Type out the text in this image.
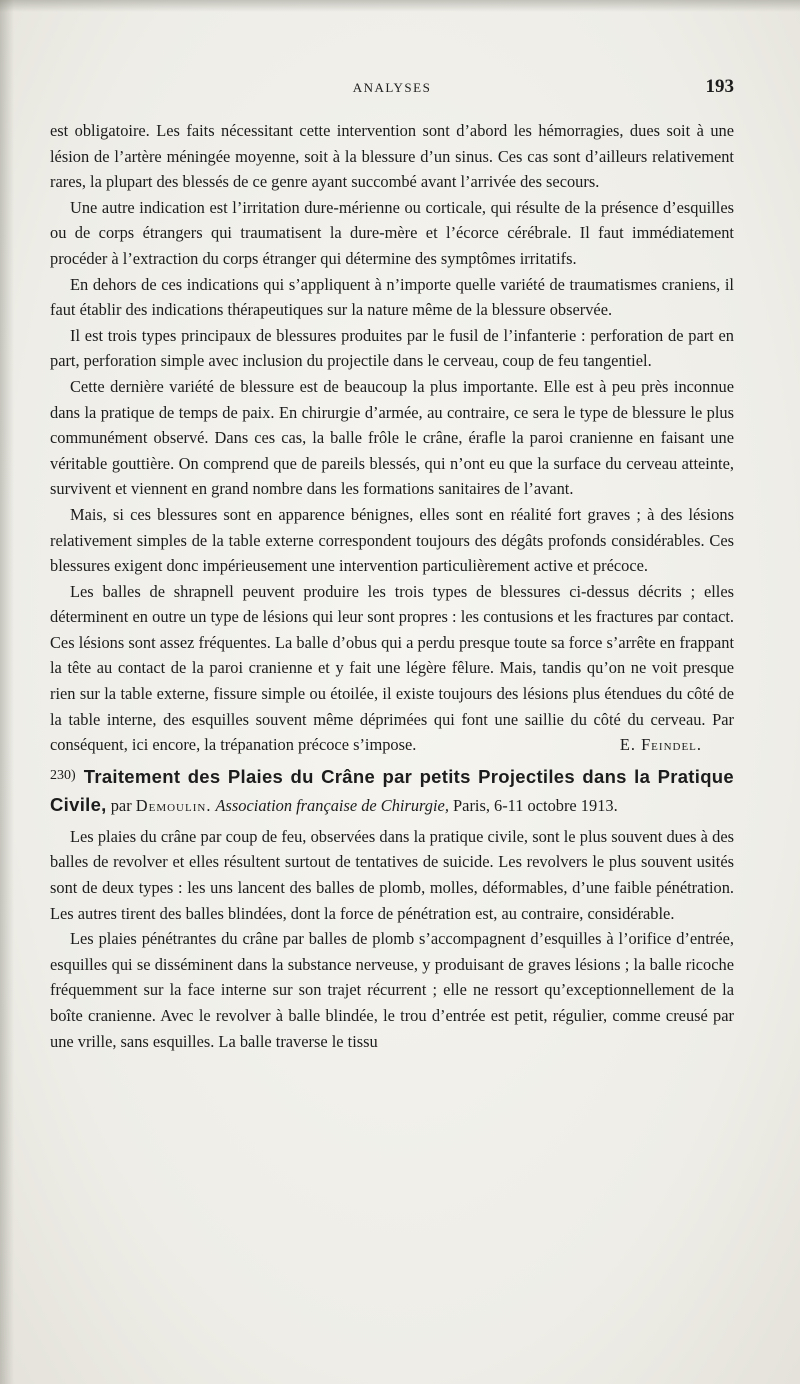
ANALYSES	193

est obligatoire. Les faits nécessitant cette intervention sont d’abord les hémorragies, dues soit à une lésion de l’artère méningée moyenne, soit à la blessure d’un sinus. Ces cas sont d’ailleurs relativement rares, la plupart des blessés de ce genre ayant succombé avant l’arrivée des secours.

Une autre indication est l’irritation dure-mérienne ou corticale, qui résulte de la présence d’esquilles ou de corps étrangers qui traumatisent la dure-mère et l’écorce cérébrale. Il faut immédiatement procéder à l’extraction du corps étranger qui détermine des symptômes irritatifs.

En dehors de ces indications qui s’appliquent à n’importe quelle variété de traumatismes craniens, il faut établir des indications thérapeutiques sur la nature même de la blessure observée.

Il est trois types principaux de blessures produites par le fusil de l’infanterie : perforation de part en part, perforation simple avec inclusion du projectile dans le cerveau, coup de feu tangentiel.

Cette dernière variété de blessure est de beaucoup la plus importante. Elle est à peu près inconnue dans la pratique de temps de paix. En chirurgie d’armée, au contraire, ce sera le type de blessure le plus communément observé. Dans ces cas, la balle frôle le crâne, érafle la paroi cranienne en faisant une véritable gouttière. On comprend que de pareils blessés, qui n’ont eu que la surface du cerveau atteinte, survivent et viennent en grand nombre dans les formations sanitaires de l’avant.

Mais, si ces blessures sont en apparence bénignes, elles sont en réalité fort graves ; à des lésions relativement simples de la table externe correspondent toujours des dégâts profonds considérables. Ces blessures exigent donc impérieusement une intervention particulièrement active et précoce.

Les balles de shrapnell peuvent produire les trois types de blessures ci-dessus décrits ; elles déterminent en outre un type de lésions qui leur sont propres : les contusions et les fractures par contact. Ces lésions sont assez fréquentes. La balle d’obus qui a perdu presque toute sa force s’arrête en frappant la tête au contact de la paroi cranienne et y fait une légère fêlure. Mais, tandis qu’on ne voit presque rien sur la table externe, fissure simple ou étoilée, il existe toujours des lésions plus étendues du côté de la table interne, des esquilles souvent même déprimées qui font une saillie du côté du cerveau. Par conséquent, ici encore, la trépanation précoce s’impose.	E. Feindel.

230) Traitement des Plaies du Crâne par petits Projectiles dans la Pratique Civile, par Demoulin. Association française de Chirurgie, Paris, 6-11 octobre 1913.

Les plaies du crâne par coup de feu, observées dans la pratique civile, sont le plus souvent dues à des balles de revolver et elles résultent surtout de tentatives de suicide. Les revolvers le plus souvent usités sont de deux types : les uns lancent des balles de plomb, molles, déformables, d’une faible pénétration. Les autres tirent des balles blindées, dont la force de pénétration est, au contraire, considérable.

Les plaies pénétrantes du crâne par balles de plomb s’accompagnent d’esquilles à l’orifice d’entrée, esquilles qui se disséminent dans la substance nerveuse, y produisant de graves lésions ; la balle ricoche fréquemment sur la face interne sur son trajet récurrent ; elle ne ressort qu’exceptionnellement de la boîte cranienne. Avec le revolver à balle blindée, le trou d’entrée est petit, régulier, comme creusé par une vrille, sans esquilles. La balle traverse le tissu
